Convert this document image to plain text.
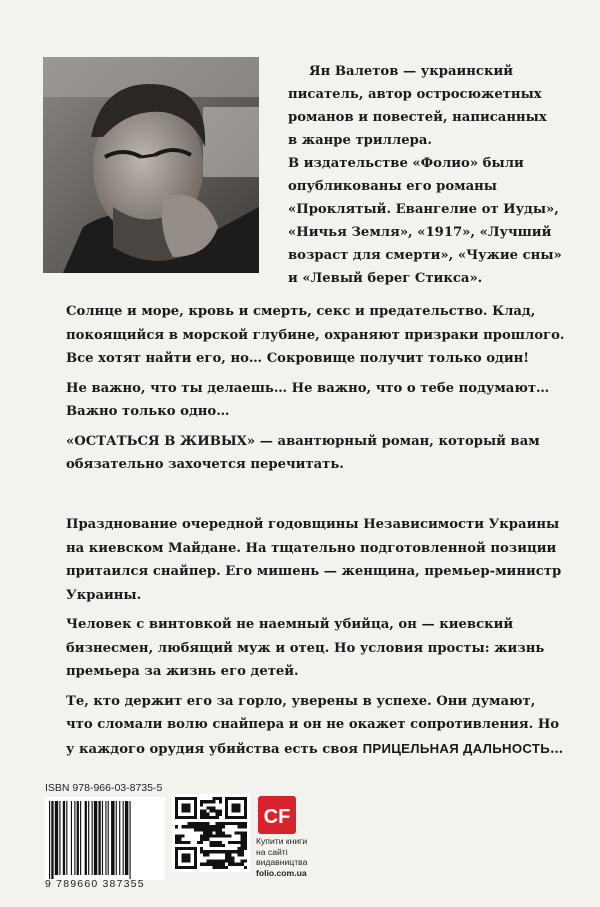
Ян Валетов — украинский

писатель, автор остросюжетных

романов и повестей, написанных

в жанре триллера.

В издательстве «Фолио» были

опубликованы его романы

«Проклятый. Евангелие от Иуды»,

«Ничья Земля», «1917», «Лучший

возраст для смерти», «Чужие сны»

и «Левый берег Стикса».

Солнце и море, кровь и смерть, секс и предательство. Клад, покоящийся в морской глубине, охраняют призраки прошлого. Все хотят найти его, но… Сокровище получит только один!

Не важно, что ты делаешь… Не важно, что о тебе подумают… Важно только одно…

«ОСТАТЬСЯ В ЖИВЫХ» — авантюрный роман, который вам обязательно захочется перечитать.

Празднование очередной годовщины Независимости Украины на киевском Майдане. На тщательно подготовленной позиции притаился снайпер. Его мишень — женщина, премьер-министр Украины.

Человек с винтовкой не наемный убийца, он — киевский бизнесмен, любящий муж и отец. Но условия просты: жизнь премьера за жизнь его детей.

Те, кто держит его за горло, уверены в успехе. Они думают, что сломали волю снайпера и он не окажет сопротивления. Но у каждого орудия убийства есть своя ПРИЦЕЛЬНАЯ ДАЛЬНОСТЬ…

ISBN 978-966-03-8735-5
9 789660 387355
CF
Купити книги
на сайті
видавництва
folio.com.ua
